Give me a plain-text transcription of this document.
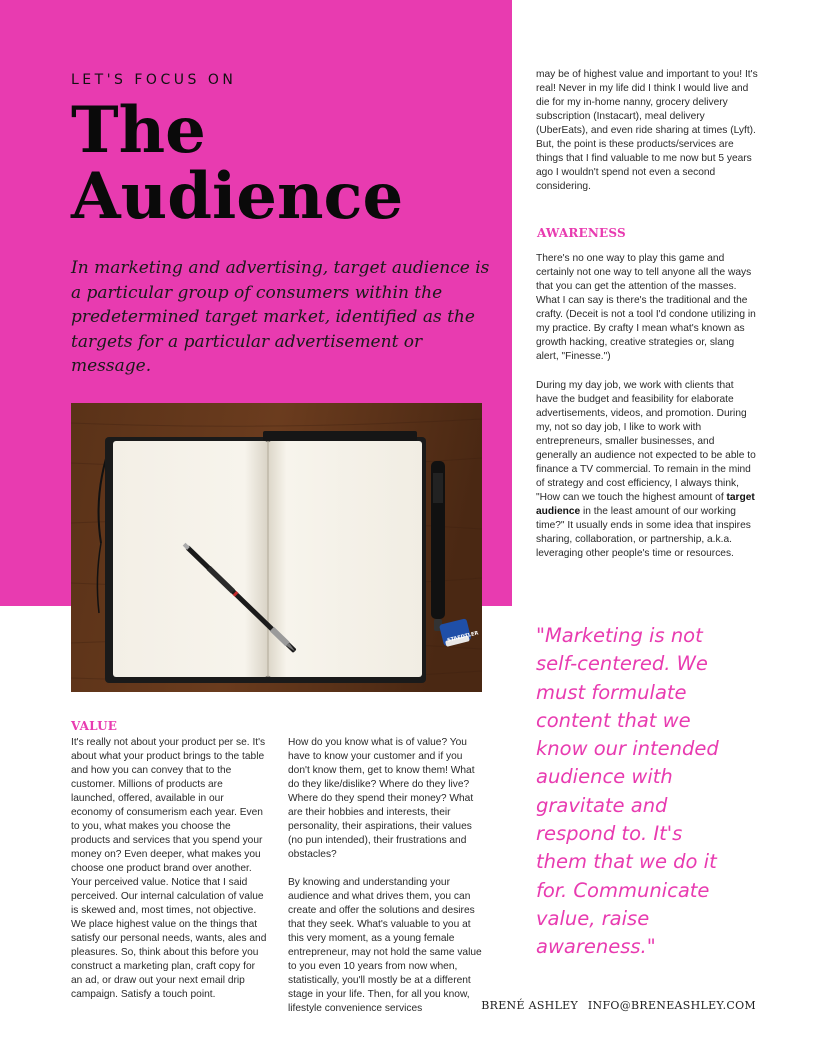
LET'S FOCUS ON
The
Audience

In marketing and advertising, target audience is a particular group of consumers within the predetermined target market, identified as the targets for a particular advertisement or message.

STAEDTLER
VALUE

It's really not about your product per se. It's about what your product brings to the table and how you can convey that to the customer. Millions of products are launched, offered, available in our economy of consumerism each year. Even to you, what makes you choose the products and services that you spend your money on? Even deeper, what makes you choose one product brand over another. Your perceived value. Notice that I said perceived. Our internal calculation of value is skewed and, most times, not objective. We place highest value on the things that satisfy our personal needs, wants, ales and pleasures. So, think about this before you construct a marketing plan, craft copy for an ad, or draw out your next email drip campaign. Satisfy a touch point.

How do you know what is of value? You have to know your customer and if you don't know them, get to know them! What do they like/dislike? Where do they live? Where do they spend their money? What are their hobbies and interests, their personality, their aspirations, their values (no pun intended), their frustrations and obstacles?

By knowing and understanding your audience and what drives them, you can create and offer the solutions and desires that they seek. What's valuable to you at this very moment, as a young female entrepreneur, may not hold the same value to you even 10 years from now when, statistically, you'll mostly be at a different stage in your life. Then, for all you know, lifestyle convenience services

may be of highest value and important to you! It's real! Never in my life did I think I would live and die for my in-home nanny, grocery delivery subscription (Instacart), meal delivery (UberEats), and even ride sharing at times (Lyft). But, the point is these products/services are things that I find valuable to me now but 5 years ago I wouldn't spend not even a second considering.

AWARENESS

There's no one way to play this game and certainly not one way to tell anyone all the ways that you can get the attention of the masses. What I can say is there's the traditional and the crafty. (Deceit is not a tool I'd condone utilizing in my practice. By crafty I mean what's known as growth hacking, creative strategies or, slang alert, "Finesse.")

During my day job, we work with clients that have the budget and feasibility for elaborate advertisements, videos, and promotion. During my, not so day job, I like to work with entrepreneurs, smaller businesses, and generally an audience not expected to be able to finance a TV commercial. To remain in the mind of strategy and cost efficiency, I always think, "How can we touch the highest amount of target audience in the least amount of our working time?" It usually ends in some idea that inspires sharing, collaboration, or partnership, a.k.a. leveraging other people's time or resources.

"Marketing is not self-centered. We must formulate content that we know our intended audience with gravitate and respond to. It's them that we do it for. Communicate value, raise awareness."

BRENÉ ASHLEY INFO@BRENEASHLEY.COM
